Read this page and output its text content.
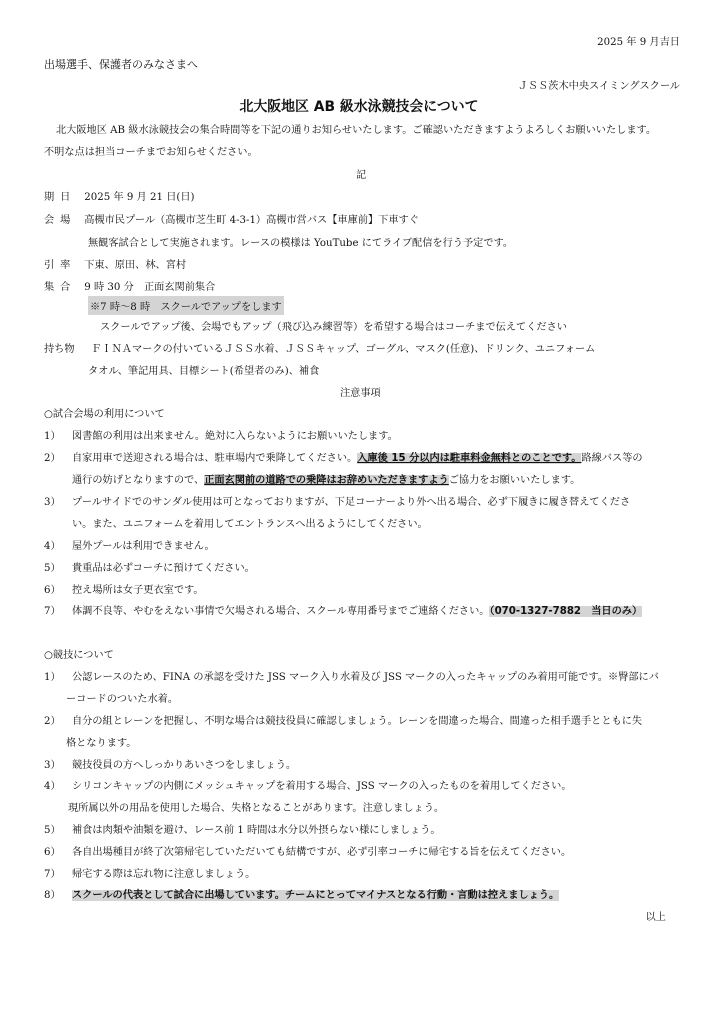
2025 年 9 月吉日
出場選手、保護者のみなさまへ
ＪＳＳ茨木中央スイミングスクール
北大阪地区 AB 級水泳競技会について
北大阪地区 AB 級水泳競技会の集合時間等を下記の通りお知らせいたします。ご確認いただきますようよろしくお願いいたします。
不明な点は担当コーチまでお知らせください。
記
期日 2025 年 9 月 21 日(日)
会場 高槻市民プール（高槻市芝生町 4-3-1）高槻市営バス【車庫前】下車すぐ
無観客試合として実施されます。レースの模様は YouTube にてライブ配信を行う予定です。
引率 下東、原田、林、宮村
集合 9 時 30 分　正面玄関前集合
※7 時～8 時　スクールでアップをします
スクールでアップ後、会場でもアップ（飛び込み練習等）を希望する場合はコーチまで伝えてください
持ち物 ＦＩＮＡマークの付いているＪＳＳ水着、ＪＳＳキャップ、ゴーグル、マスク(任意)、ドリンク、ユニフォーム
タオル、筆記用具、目標シート(希望者のみ)、補食
注意事項
○試合会場の利用について
1） 図書館の利用は出来ません。絶対に入らないようにお願いいたします。
2） 自家用車で送迎される場合は、駐車場内で乗降してください。入庫後 15 分以内は駐車料金無料とのことです。路線バス等の
通行の妨げとなりますので、正面玄関前の道路での乗降はお辞めいただきますようご協力をお願いいたします。
3） プールサイドでのサンダル使用は可となっておりますが、下足コーナーより外へ出る場合、必ず下履きに履き替えてくださ
い。また、ユニフォームを着用してエントランスへ出るようにしてください。
4） 屋外プールは利用できません。
5） 貴重品は必ずコーチに預けてください。
6） 控え場所は女子更衣室です。
7） 体調不良等、やむをえない事情で欠場される場合、スクール専用番号までご連絡ください。（070-1327-7882　当日のみ）
○競技について
1） 公認レースのため、FINA の承認を受けた JSS マーク入り水着及び JSS マークの入ったキャップのみ着用可能です。※臀部にバ
ーコードのついた水着。
2） 自分の組とレーンを把握し、不明な場合は競技役員に確認しましょう。レーンを間違った場合、間違った相手選手とともに失
格となります。
3） 競技役員の方へしっかりあいさつをしましょう。
4） シリコンキャップの内側にメッシュキャップを着用する場合、JSS マークの入ったものを着用してください。
現所属以外の用品を使用した場合、失格となることがあります。注意しましょう。
5） 補食は肉類や油類を避け、レース前 1 時間は水分以外摂らない様にしましょう。
6） 各自出場種目が終了次第帰宅していただいても結構ですが、必ず引率コーチに帰宅する旨を伝えてください。
7） 帰宅する際は忘れ物に注意しましょう。
8） スクールの代表として試合に出場しています。チームにとってマイナスとなる行動・言動は控えましょう。
以上
